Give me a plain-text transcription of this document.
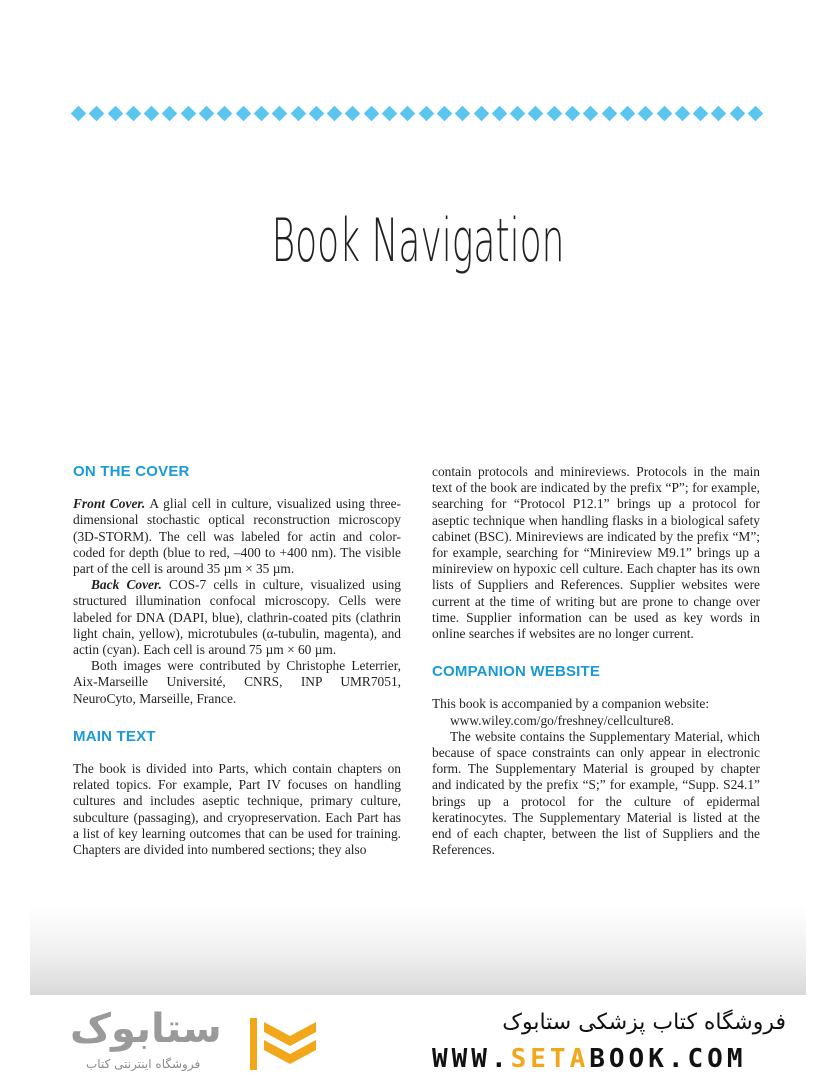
Book Navigation
ON THE COVER

Front Cover. A glial cell in culture, visualized using three-dimensional stochastic optical reconstruction microscopy (3D-STORM). The cell was labeled for actin and color-coded for depth (blue to red, –400 to +400 nm). The visible part of the cell is around 35 µm × 35 µm.

Back Cover. COS-7 cells in culture, visualized using structured illumination confocal microscopy. Cells were labeled for DNA (DAPI, blue), clathrin-coated pits (clathrin light chain, yellow), microtubules (α-tubulin, magenta), and actin (cyan). Each cell is around 75 µm × 60 µm.

Both images were contributed by Christophe Leterrier, Aix-Marseille Université, CNRS, INP UMR7051, NeuroCyto, Marseille, France.

MAIN TEXT

The book is divided into Parts, which contain chapters on related topics. For example, Part IV focuses on handling cultures and includes aseptic technique, primary culture, subculture (passaging), and cryopreservation. Each Part has a list of key learning outcomes that can be used for training. Chapters are divided into numbered sections; they also

contain protocols and minireviews. Protocols in the main text of the book are indicated by the prefix “P”; for example, searching for “Protocol P12.1” brings up a protocol for aseptic technique when handling flasks in a biological safety cabinet (BSC). Minireviews are indicated by the prefix “M”; for example, searching for “Minireview M9.1” brings up a minireview on hypoxic cell culture. Each chapter has its own lists of Suppliers and References. Supplier websites were current at the time of writing but are prone to change over time. Supplier information can be used as key words in online searches if websites are no longer current.

COMPANION WEBSITE

This book is accompanied by a companion website:

www.wiley.com/go/freshney/cellculture8.

The website contains the Supplementary Material, which because of space constraints can only appear in electronic form. The Supplementary Material is grouped by chapter and indicated by the prefix “S;” for example, “Supp. S24.1” brings up a protocol for the culture of epidermal keratinocytes. The Supplementary Material is listed at the end of each chapter, between the list of Suppliers and the References.

ستابوک
فروشگاه اینترنتی کتاب
فروشگاه کتاب پزشکی ستابوک
WWW.SETABOOK.COM
